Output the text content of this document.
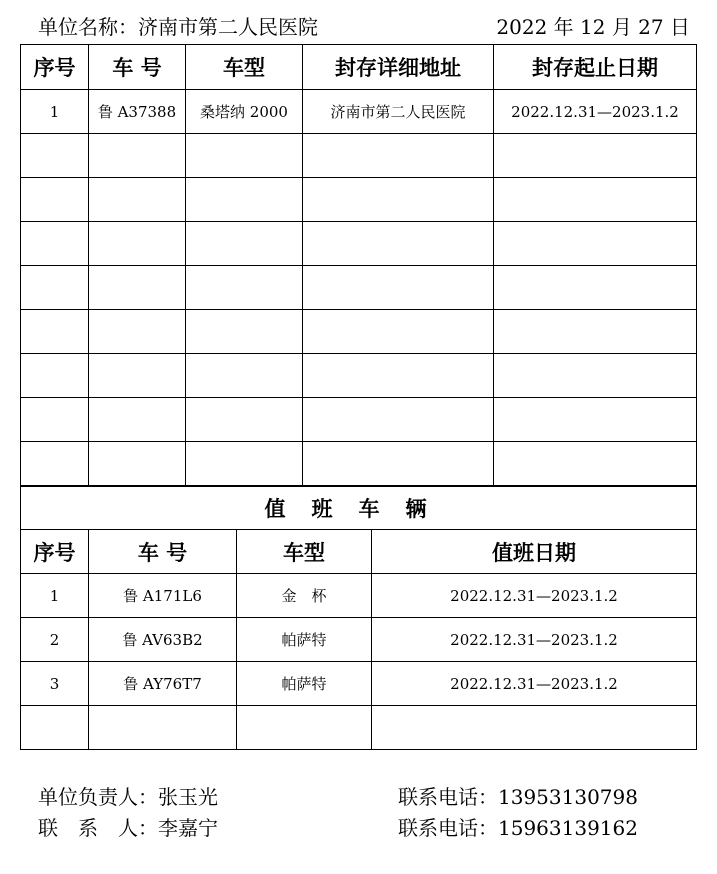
单位名称：济南市第二人民医院	2022 年 12 月 27 日
序号	车 号	车型	封存详细地址	封存起止日期
1	鲁 A37388	桑塔纳 2000	济南市第二人民医院	2022.12.31—2023.1.2

值班车辆			
序号	车 号	车型	值班日期
1	鲁 A171L6	金　杯	2022.12.31—2023.1.2
2	鲁 AV63B2	帕萨特	2022.12.31—2023.1.2
3	鲁 AY76T7	帕萨特	2022.12.31—2023.1.2

单位负责人：张玉光	联系电话：13953130798
联　系　人：李嘉宁	联系电话：15963139162
